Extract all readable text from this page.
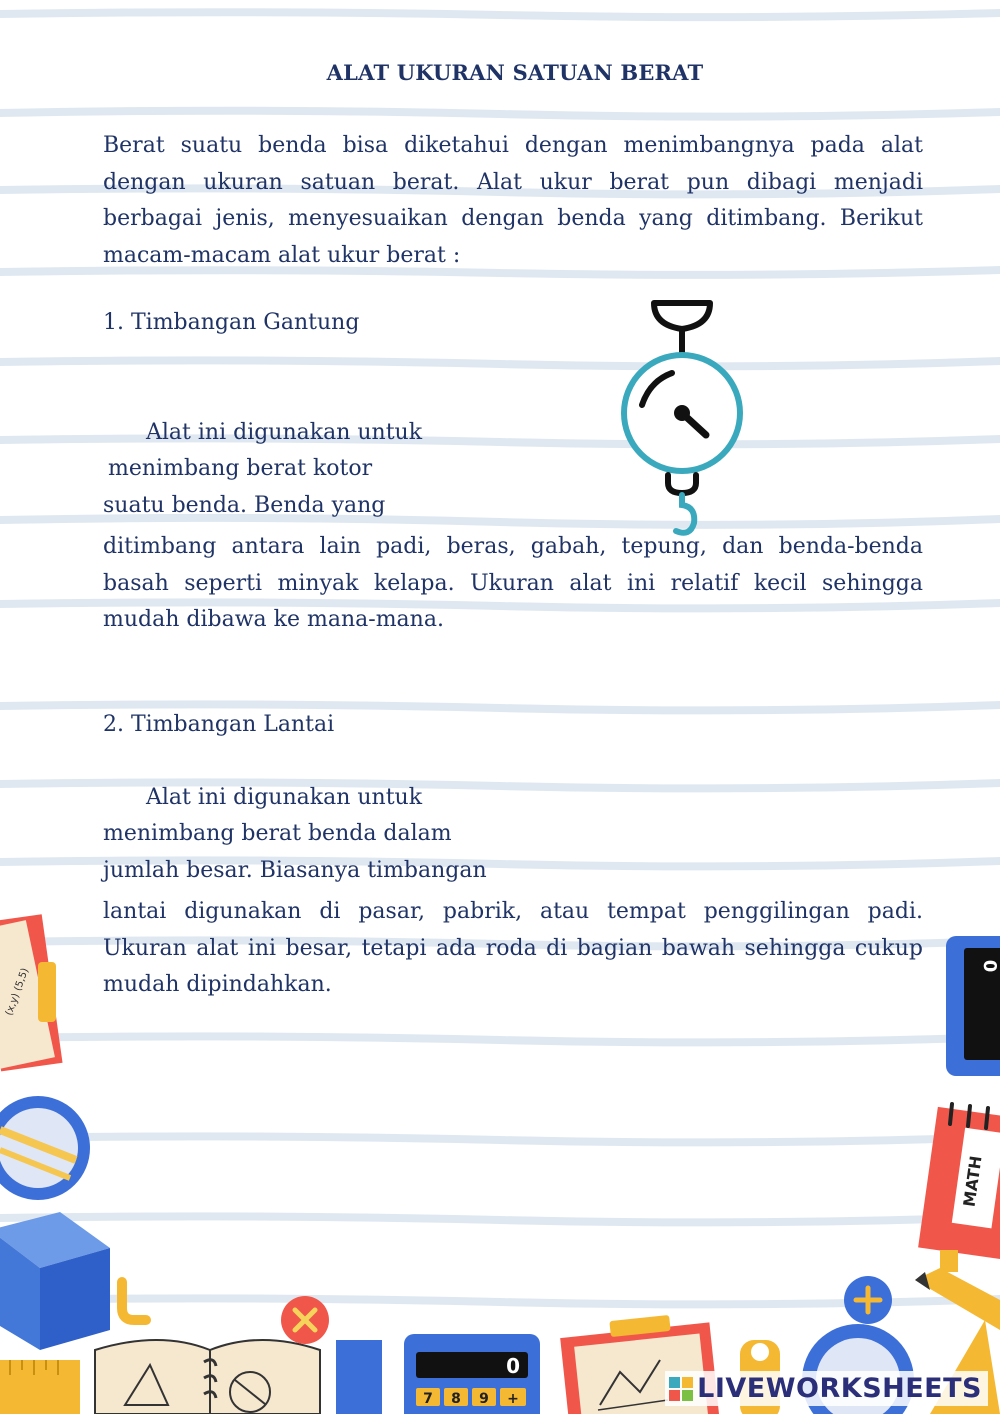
(x,y) (5,5)
0
7 8 9 +
0
MATH
ALAT UKURAN SATUAN BERAT

Berat suatu benda bisa diketahui dengan menimbangnya pada alat dengan ukuran satuan berat. Alat ukur berat pun dibagi menjadi berbagai jenis, menyesuaikan dengan benda yang ditimbang. Berikut macam-macam alat ukur berat :

1. Timbangan Gantung

Alat ini digunakan untuk

menimbang berat kotor

suatu benda. Benda yang

ditimbang antara lain padi, beras, gabah, tepung, dan benda-benda basah seperti minyak kelapa. Ukuran alat ini relatif kecil sehingga mudah dibawa ke mana-mana.

2. Timbangan Lantai

Alat ini digunakan untuk

menimbang berat benda dalam

jumlah besar. Biasanya timbangan

lantai digunakan di pasar, pabrik, atau tempat penggilingan padi. Ukuran alat ini besar, tetapi ada roda di bagian bawah sehingga cukup mudah dipindahkan.

LIVEWORKSHEETS
